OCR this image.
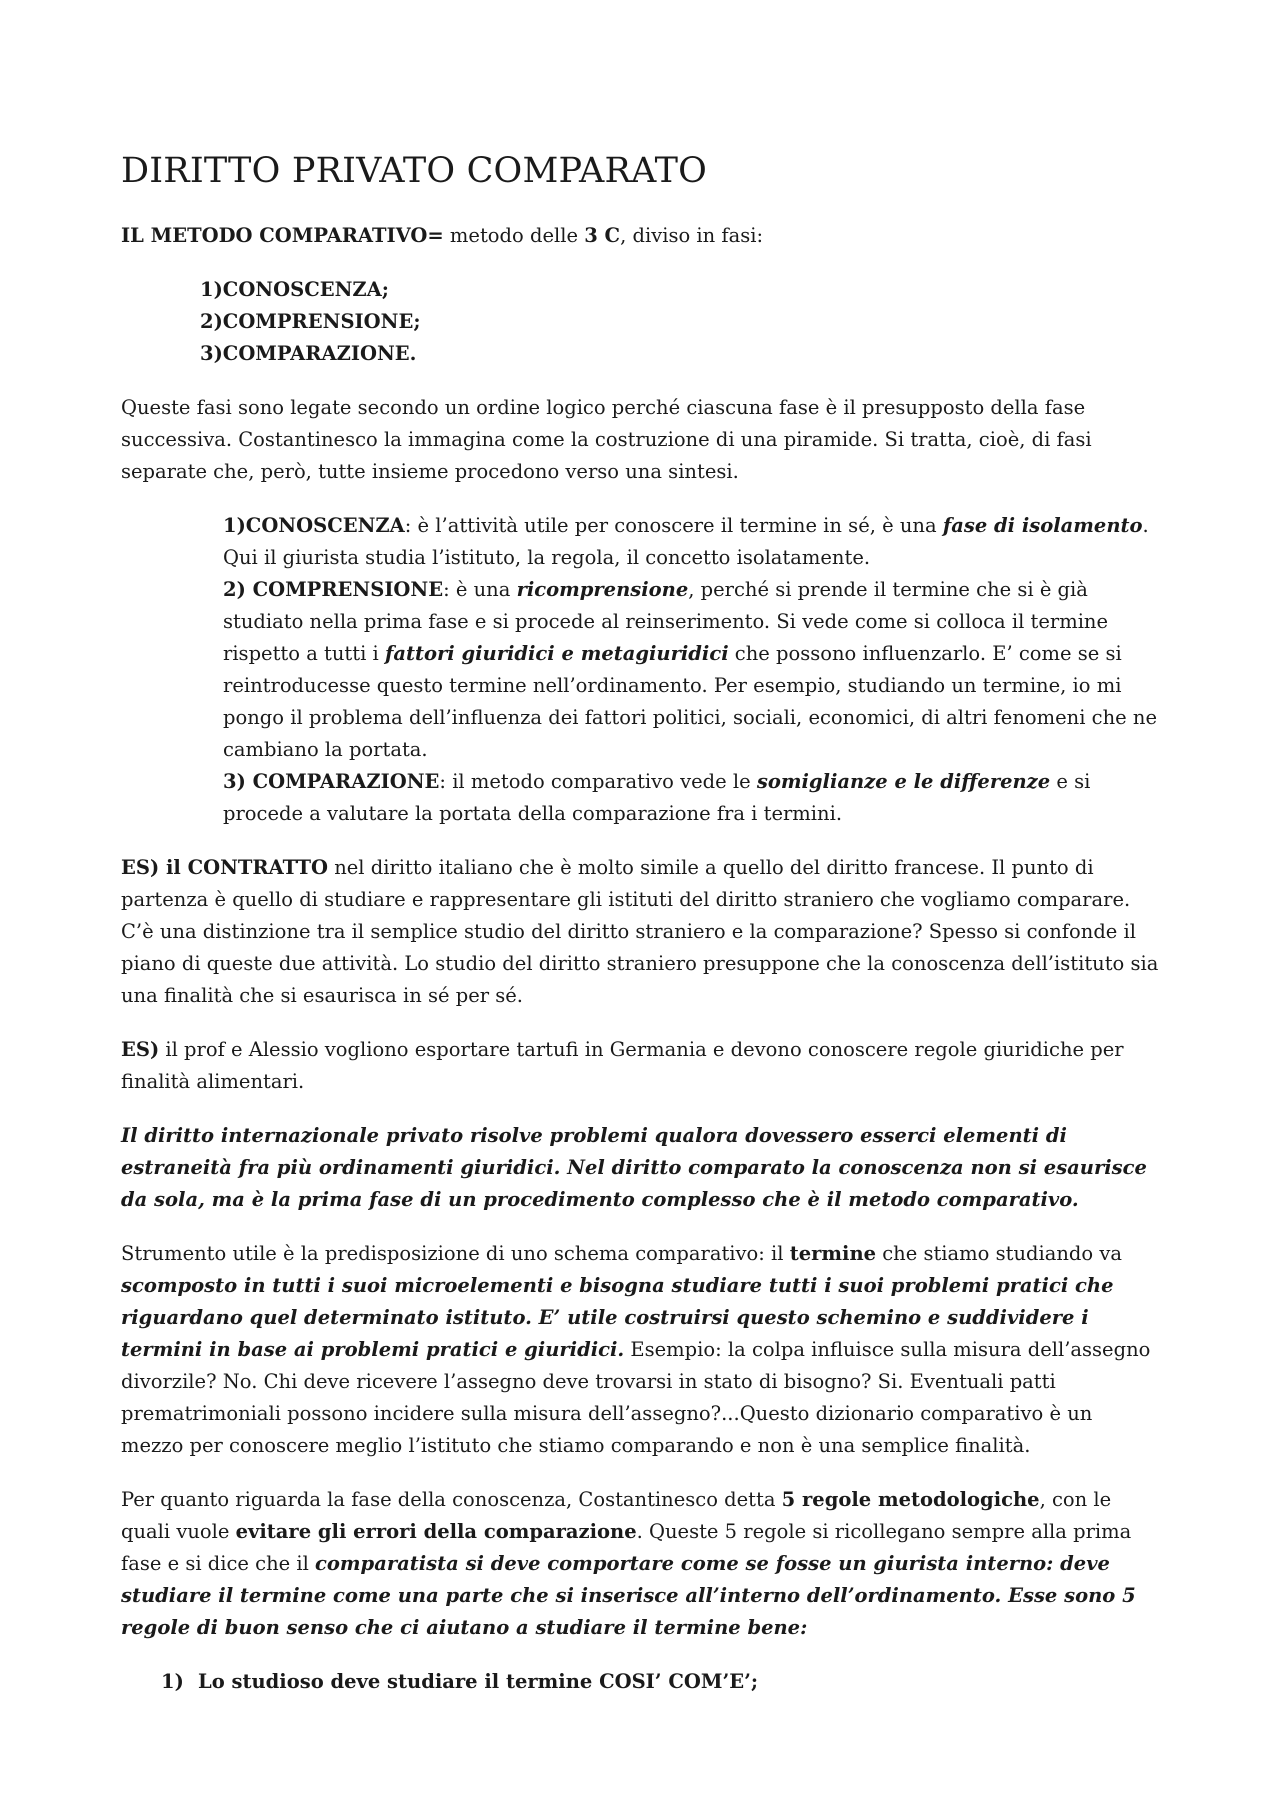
DIRITTO PRIVATO COMPARATO

IL METODO COMPARATIVO= metodo delle 3 C, diviso in fasi:

1)CONOSCENZA;
2)COMPRENSIONE;
3)COMPARAZIONE.

Queste fasi sono legate secondo un ordine logico perché ciascuna fase è il presupposto della fase successiva. Costantinesco la immagina come la costruzione di una piramide. Si tratta, cioè, di fasi separate che, però, tutte insieme procedono verso una sintesi.

1)CONOSCENZA: è l’attività utile per conoscere il termine in sé, è una fase di isolamento. Qui il giurista studia l’istituto, la regola, il concetto isolatamente.

2) COMPRENSIONE: è una ricomprensione, perché si prende il termine che si è già studiato nella prima fase e si procede al reinserimento. Si vede come si colloca il termine rispetto a tutti i fattori giuridici e metagiuridici che possono influenzarlo. E’ come se si reintroducesse questo termine nell’ordinamento. Per esempio, studiando un termine, io mi pongo il problema dell’influenza dei fattori politici, sociali, economici, di altri fenomeni che ne cambiano la portata.

3) COMPARAZIONE: il metodo comparativo vede le somiglianze e le differenze e si procede a valutare la portata della comparazione fra i termini.

ES) il CONTRATTO nel diritto italiano che è molto simile a quello del diritto francese. Il punto di partenza è quello di studiare e rappresentare gli istituti del diritto straniero che vogliamo comparare. C’è una distinzione tra il semplice studio del diritto straniero e la comparazione? Spesso si confonde il piano di queste due attività. Lo studio del diritto straniero presuppone che la conoscenza dell’istituto sia una finalità che si esaurisca in sé per sé.

ES) il prof e Alessio vogliono esportare tartufi in Germania e devono conoscere regole giuridiche per finalità alimentari.

Il diritto internazionale privato risolve problemi qualora dovessero esserci elementi di estraneità fra più ordinamenti giuridici. Nel diritto comparato la conoscenza non si esaurisce da sola, ma è la prima fase di un procedimento complesso che è il metodo comparativo.

Strumento utile è la predisposizione di uno schema comparativo: il termine che stiamo studiando va scomposto in tutti i suoi microelementi e bisogna studiare tutti i suoi problemi pratici che riguardano quel determinato istituto. E’ utile costruirsi questo schemino e suddividere i termini in base ai problemi pratici e giuridici. Esempio: la colpa influisce sulla misura dell’assegno divorzile? No. Chi deve ricevere l’assegno deve trovarsi in stato di bisogno? Si. Eventuali patti prematrimoniali possono incidere sulla misura dell’assegno?...Questo dizionario comparativo è un mezzo per conoscere meglio l’istituto che stiamo comparando e non è una semplice finalità.

Per quanto riguarda la fase della conoscenza, Costantinesco detta 5 regole metodologiche, con le quali vuole evitare gli errori della comparazione. Queste 5 regole si ricollegano sempre alla prima fase e si dice che il comparatista si deve comportare come se fosse un giurista interno: deve studiare il termine come una parte che si inserisce all’interno dell’ordinamento. Esse sono 5 regole di buon senso che ci aiutano a studiare il termine bene:

1) Lo studioso deve studiare il termine COSI’ COM’E’;
